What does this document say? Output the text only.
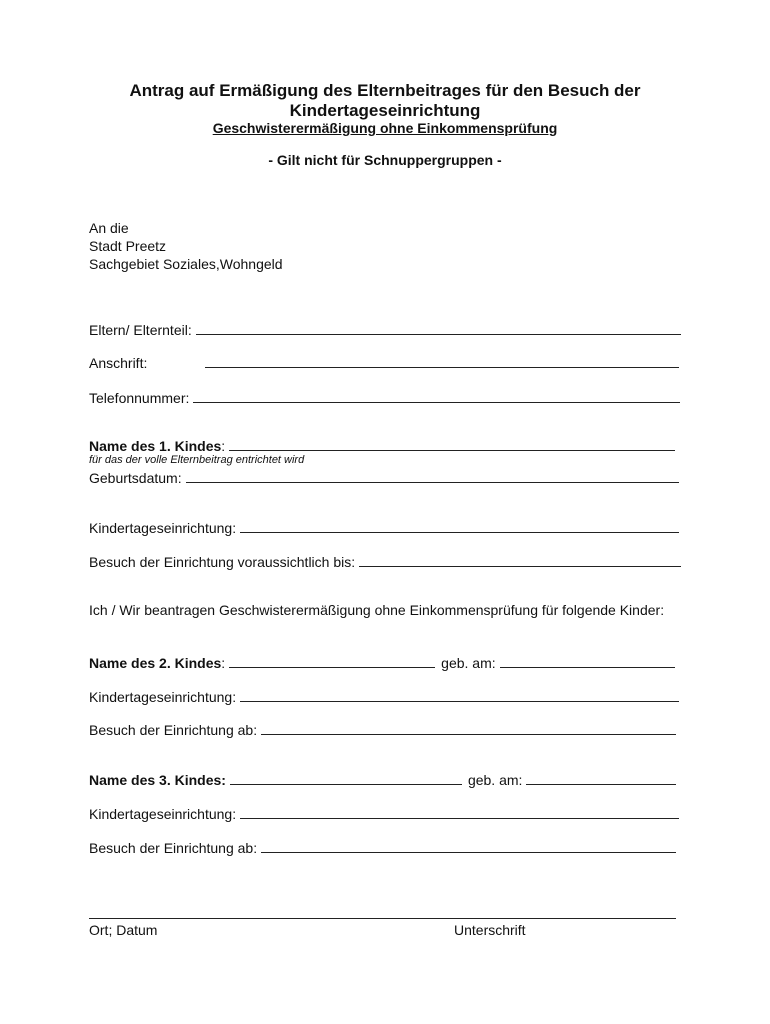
Antrag auf Ermäßigung des Elternbeitrages für den Besuch der
Kindertageseinrichtung
Geschwisterermäßigung ohne Einkommensprüfung
- Gilt nicht für Schnuppergruppen -
An die
Stadt Preetz
Sachgebiet Soziales,Wohngeld
Eltern/ Elternteil:
Anschrift:
Telefonnummer:
Name des 1. Kindes :
für das der volle Elternbeitrag entrichtet wird
Geburtsdatum:
Kindertageseinrichtung:
Besuch der Einrichtung voraussichtlich bis:
Ich / Wir beantragen Geschwisterermäßigung ohne Einkommensprüfung für folgende Kinder:
Name des 2. Kindes :	geb. am:
Kindertageseinrichtung:
Besuch der Einrichtung ab:
Name des 3. Kindes:	geb. am:
Kindertageseinrichtung:
Besuch der Einrichtung ab:
Ort; Datum	Unterschrift
